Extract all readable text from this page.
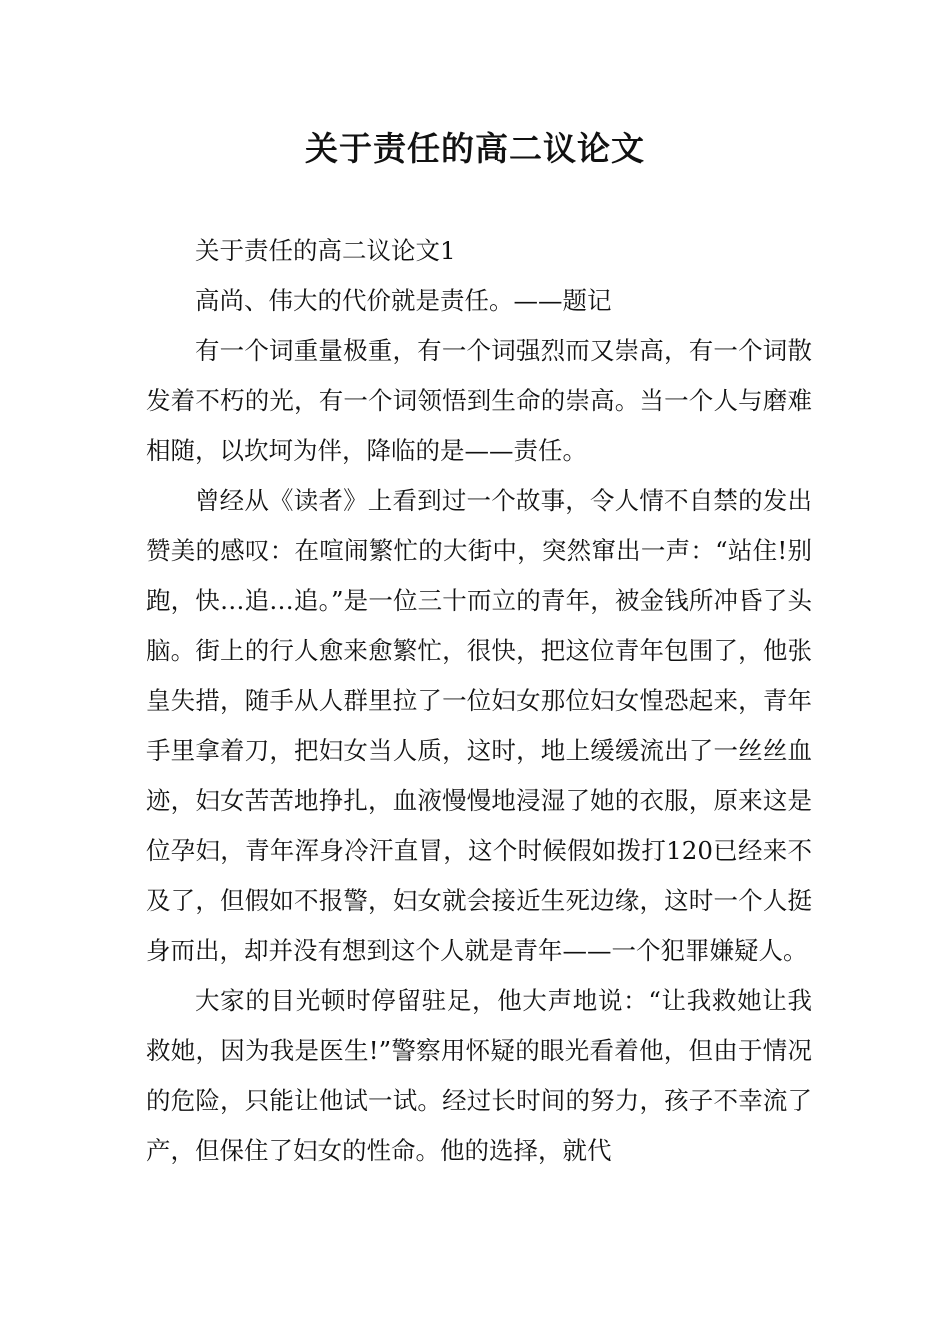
关于责任的高二议论文

关于责任的高二议论文1

高尚、伟大的代价就是责任。——题记

有一个词重量极重，有一个词强烈而又崇高，有一个词散发着不朽的光，有一个词领悟到生命的崇高。当一个人与磨难相随，以坎坷为伴，降临的是——责任。

曾经从《读者》上看到过一个故事，令人情不自禁的发出赞美的感叹：在喧闹繁忙的大街中，突然窜出一声：“站住!别跑，快…追…追。”是一位三十而立的青年，被金钱所冲昏了头脑。街上的行人愈来愈繁忙，很快，把这位青年包围了，他张皇失措，随手从人群里拉了一位妇女那位妇女惶恐起来，青年手里拿着刀，把妇女当人质，这时，地上缓缓流出了一丝丝血迹，妇女苦苦地挣扎，血液慢慢地浸湿了她的衣服，原来这是位孕妇，青年浑身冷汗直冒，这个时候假如拨打120已经来不及了，但假如不报警，妇女就会接近生死边缘，这时一个人挺身而出，却并没有想到这个人就是青年——一个犯罪嫌疑人。

大家的目光顿时停留驻足，他大声地说：“让我救她让我救她，因为我是医生!”警察用怀疑的眼光看着他，但由于情况的危险，只能让他试一试。经过长时间的努力，孩子不幸流了产，但保住了妇女的性命。他的选择，就代
